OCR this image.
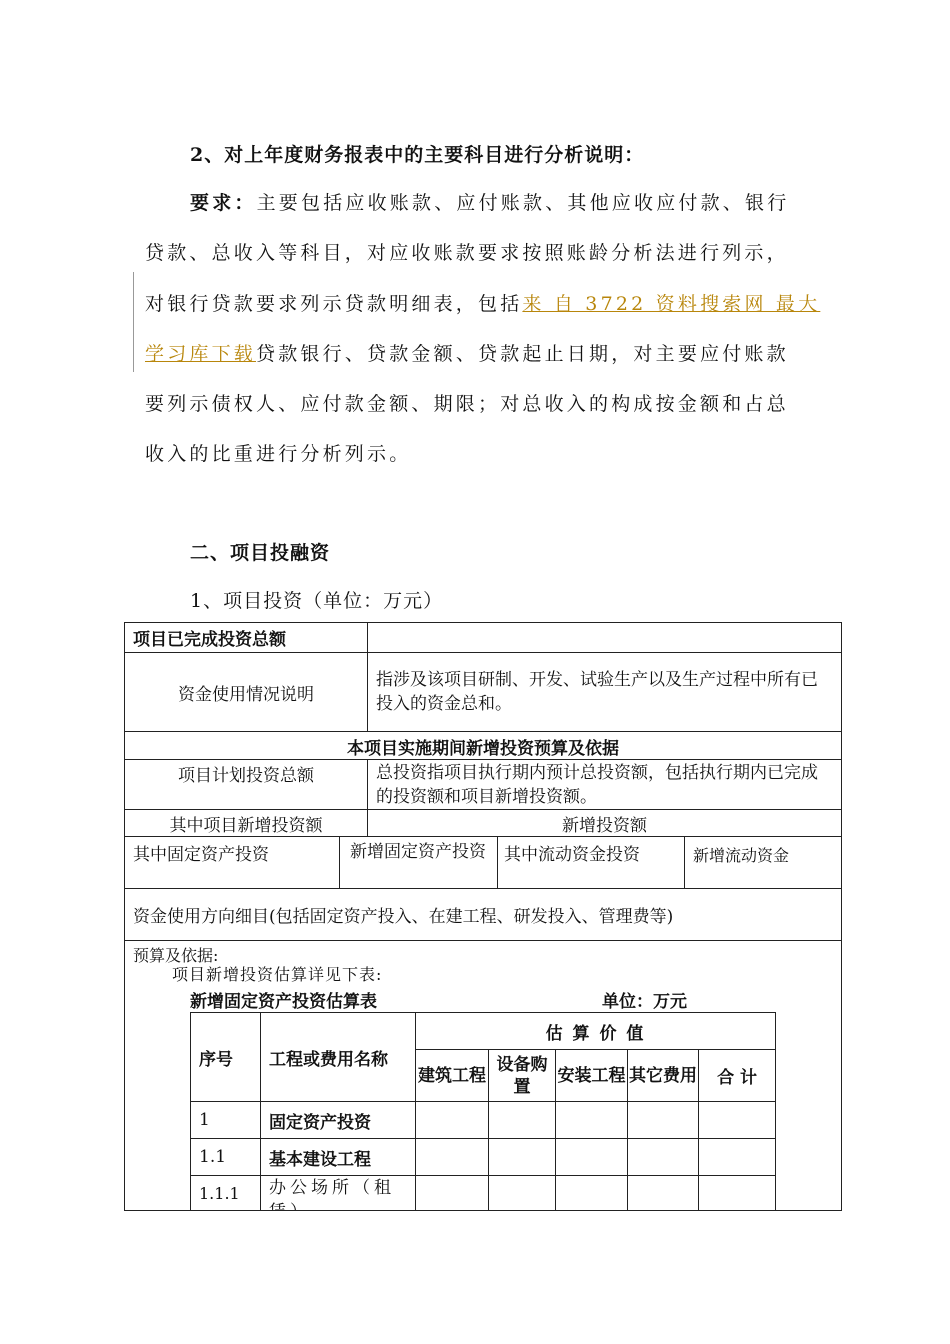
2、对上年度财务报表中的主要科目进行分析说明：
要求：主要包括应收账款、应付账款、其他应收应付款、银行
贷款、总收入等科目，对应收账款要求按照账龄分析法进行列示，
对银行贷款要求列示贷款明细表，包括来 自 3722 资料搜索网 最大
学习库下载贷款银行、贷款金额、贷款起止日期，对主要应付账款
要列示债权人、应付款金额、期限；对总收入的构成按金额和占总
收入的比重进行分析列示。
二、项目投融资
1、项目投资（单位：万元）
项目已完成投资总额				
资金使用情况说明		指涉及该项目研制、开发、试验生产以及生产过程中所有已投入的资金总和。		
本项目实施期间新增投资预算及依据				
项目计划投资总额		总投资指项目执行期内预计总投资额，包括执行期内已完成的投资额和项目新增投资额。		
其中项目新增投资额		新增投资额		
其中固定资产投资	新增固定资产投资		其中流动资金投资	新增流动资金
资金使用方向细目(包括固定资产投入、在建工程、研发投入、管理费等)				

预算及依据:				
项目新增投资估算详见下表:
新增固定资产投资估算表	单位：万元
序号	工程或费用名称	估 算 价 值				
		建筑工程	设备购置	安装工程	其它费用	合 计
1	固定资产投资					
1.1	基本建设工程					
1.1.1	办公场所（租					
